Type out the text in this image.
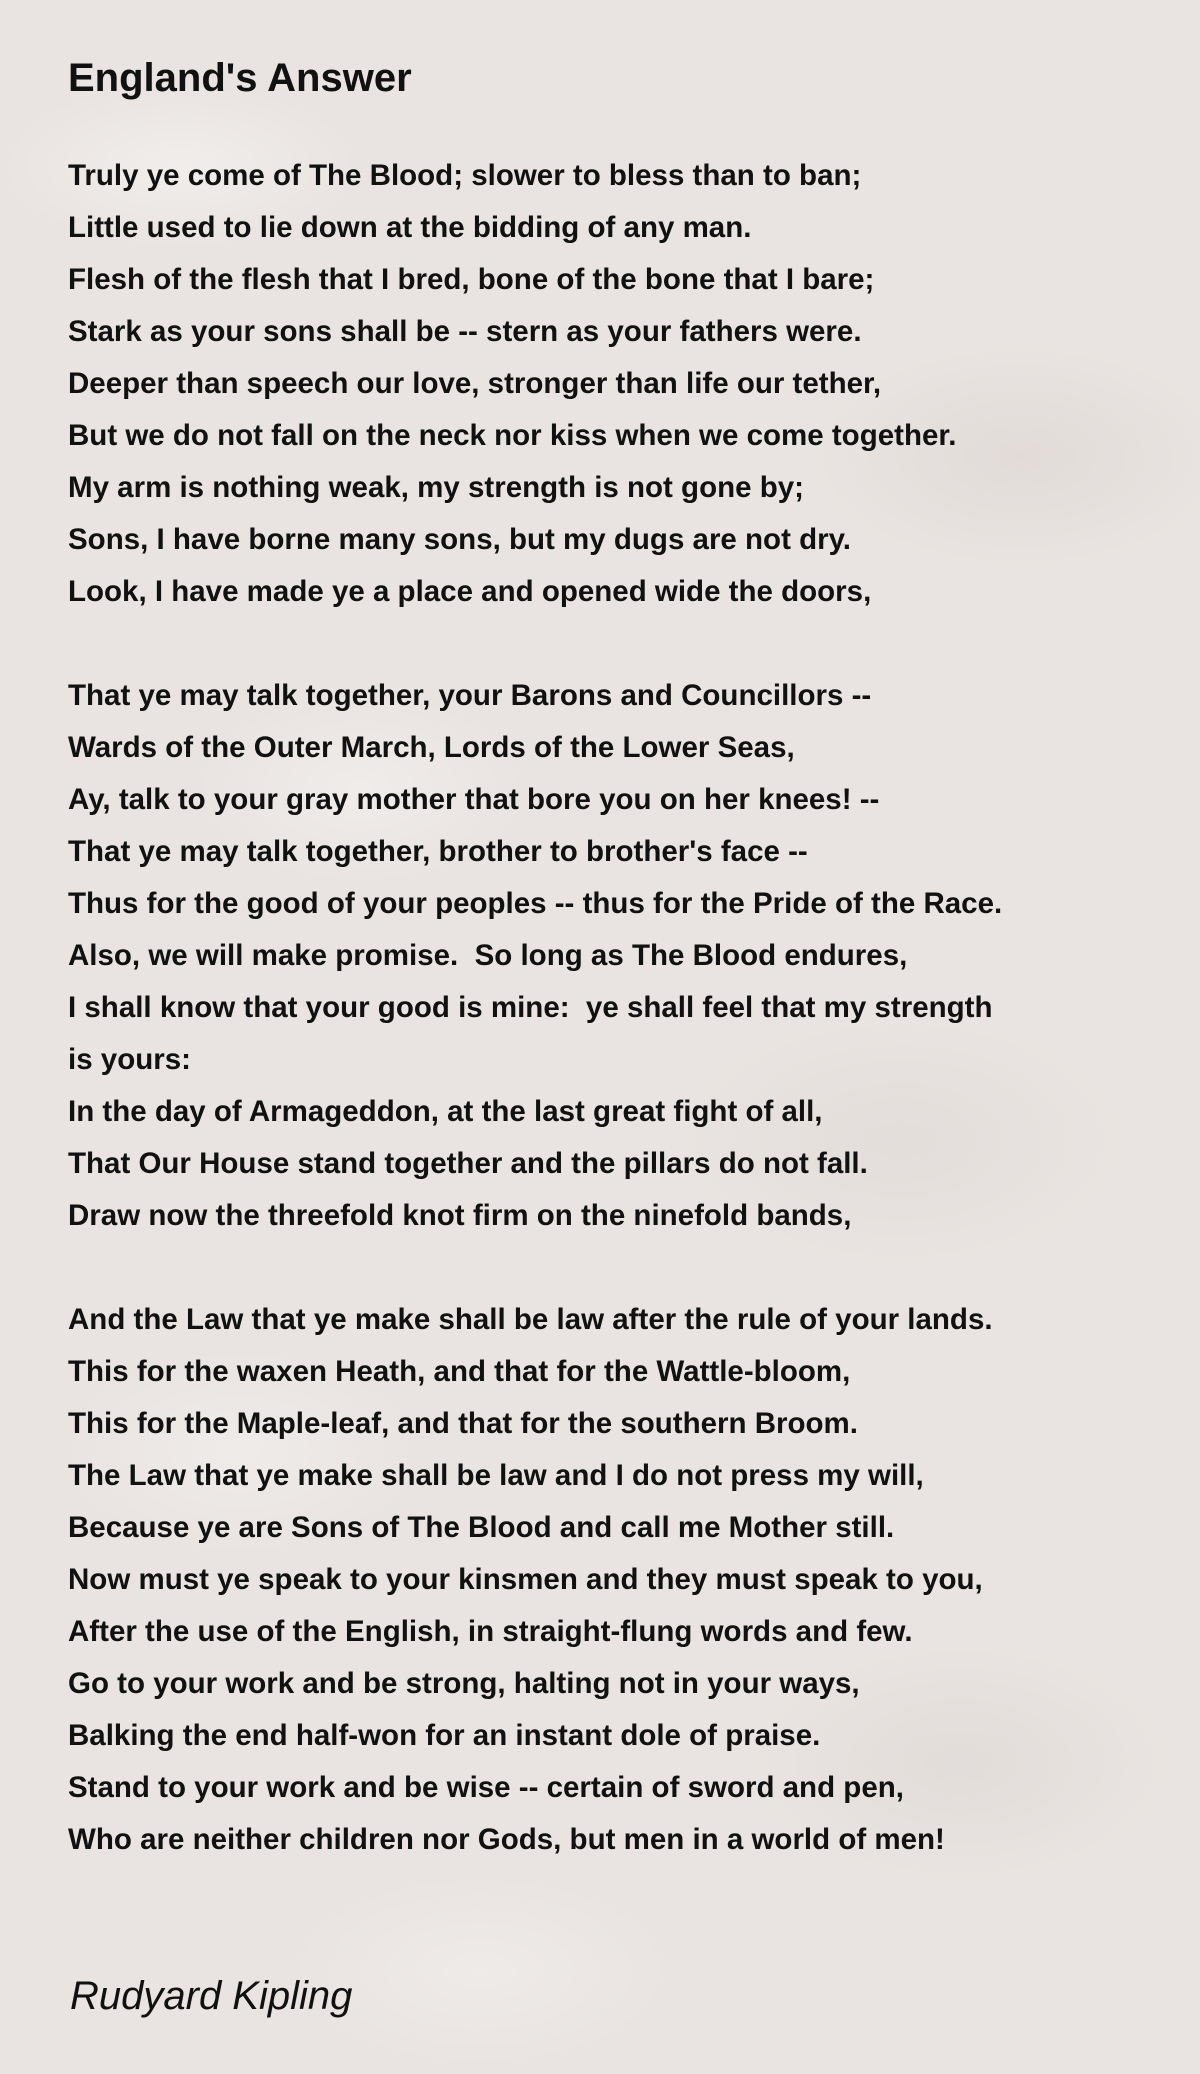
England's Answer
Truly ye come of The Blood; slower to bless than to ban;
Little used to lie down at the bidding of any man.
Flesh of the flesh that I bred, bone of the bone that I bare;
Stark as your sons shall be -- stern as your fathers were.
Deeper than speech our love, stronger than life our tether,
But we do not fall on the neck nor kiss when we come together.
My arm is nothing weak, my strength is not gone by;
Sons, I have borne many sons, but my dugs are not dry.
Look, I have made ye a place and opened wide the doors,
That ye may talk together, your Barons and Councillors --
Wards of the Outer March, Lords of the Lower Seas,
Ay, talk to your gray mother that bore you on her knees! --
That ye may talk together, brother to brother's face --
Thus for the good of your peoples -- thus for the Pride of the Race.
Also, we will make promise.  So long as The Blood endures,
I shall know that your good is mine:  ye shall feel that my strength
is yours:
In the day of Armageddon, at the last great fight of all,
That Our House stand together and the pillars do not fall.
Draw now the threefold knot firm on the ninefold bands,
And the Law that ye make shall be law after the rule of your lands.
This for the waxen Heath, and that for the Wattle-bloom,
This for the Maple-leaf, and that for the southern Broom.
The Law that ye make shall be law and I do not press my will,
Because ye are Sons of The Blood and call me Mother still.
Now must ye speak to your kinsmen and they must speak to you,
After the use of the English, in straight-flung words and few.
Go to your work and be strong, halting not in your ways,
Balking the end half-won for an instant dole of praise.
Stand to your work and be wise -- certain of sword and pen,
Who are neither children nor Gods, but men in a world of men!

Rudyard Kipling
